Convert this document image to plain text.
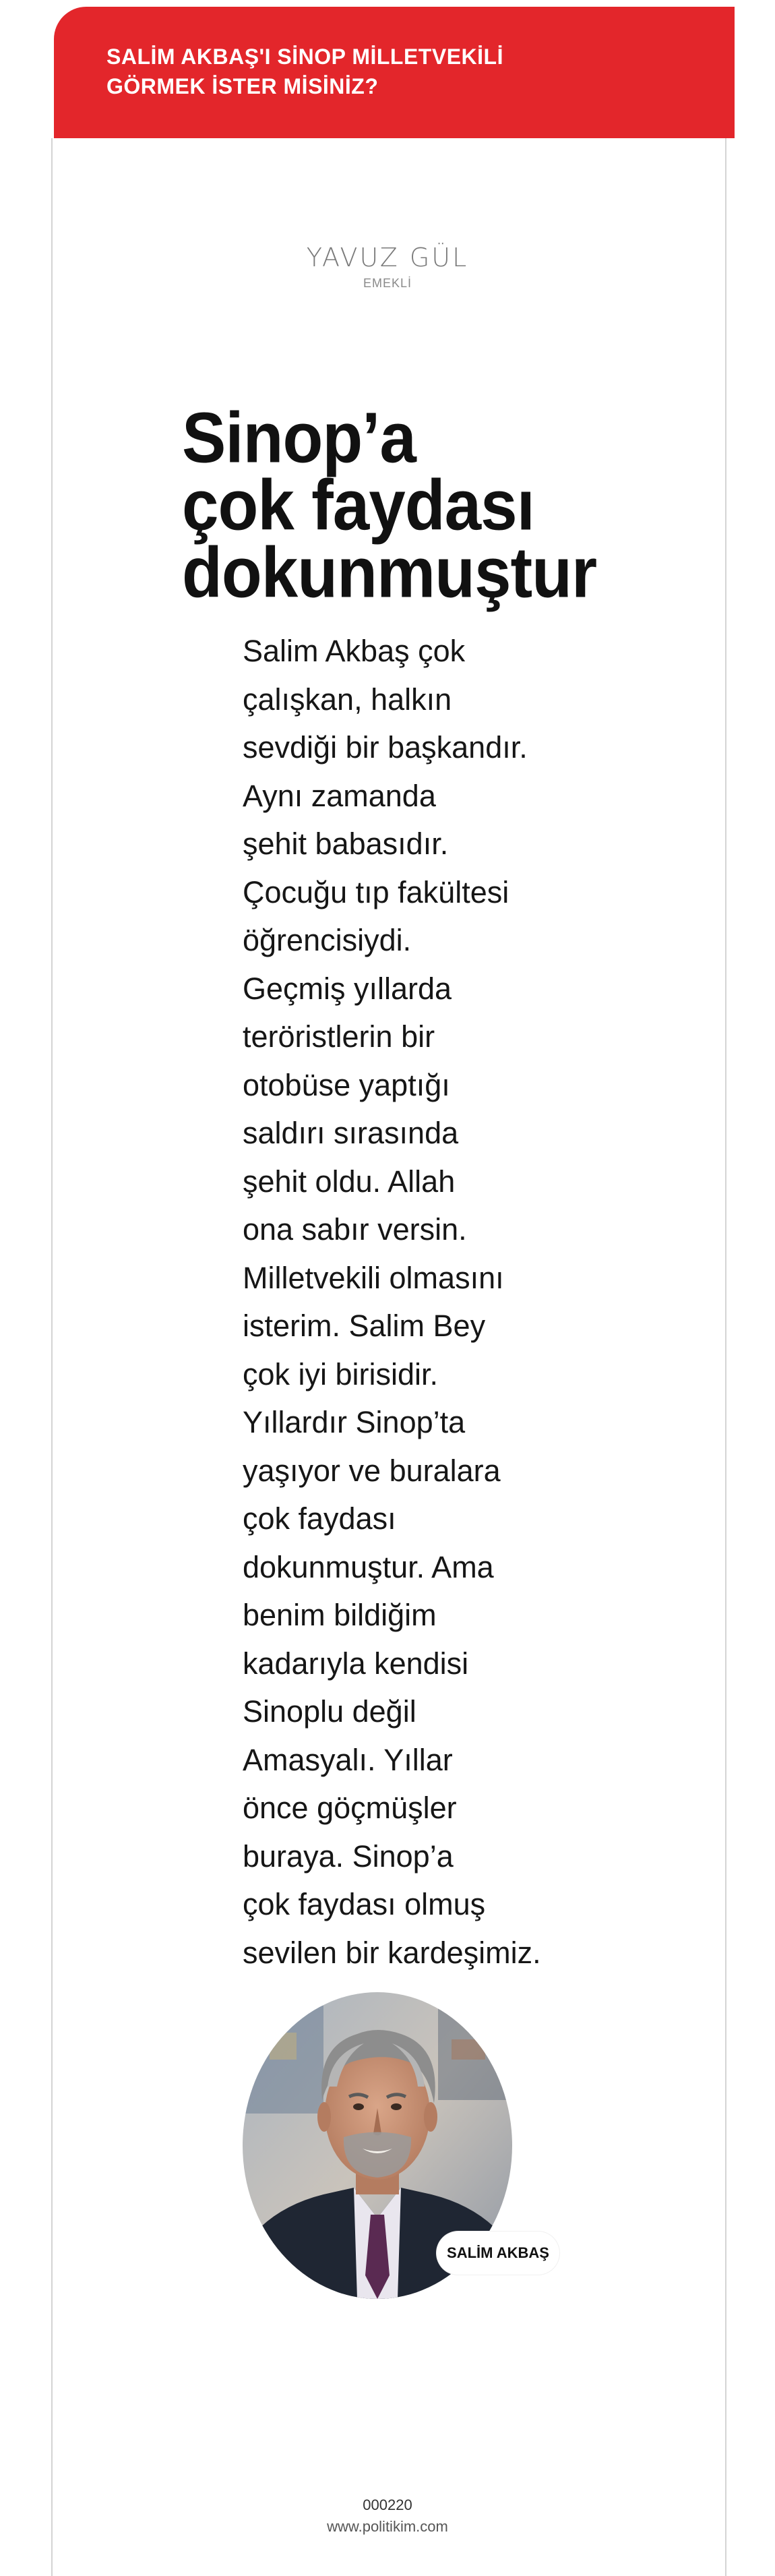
SALİM AKBAŞ'I SİNOP MİLLETVEKİLİ
GÖRMEK İSTER MİSİNİZ?
YAVUZ GÜL
EMEKLİ
Sinop’a
çok faydası
dokunmuştur
Salim Akbaş çok
çalışkan, halkın
sevdiği bir başkandır.
Aynı zamanda
şehit babasıdır.
Çocuğu tıp fakültesi
öğrencisiydi.
Geçmiş yıllarda
teröristlerin bir
otobüse yaptığı
saldırı sırasında
şehit oldu. Allah
ona sabır versin.
Milletvekili olmasını
isterim. Salim Bey
çok iyi birisidir.
Yıllardır Sinop’ta
yaşıyor ve buralara
çok faydası
dokunmuştur. Ama
benim bildiğim
kadarıyla kendisi
Sinoplu değil
Amasyalı. Yıllar
önce göçmüşler
buraya. Sinop’a
çok faydası olmuş
sevilen bir kardeşimiz.
SALİM AKBAŞ
000220
www.politikim.com
